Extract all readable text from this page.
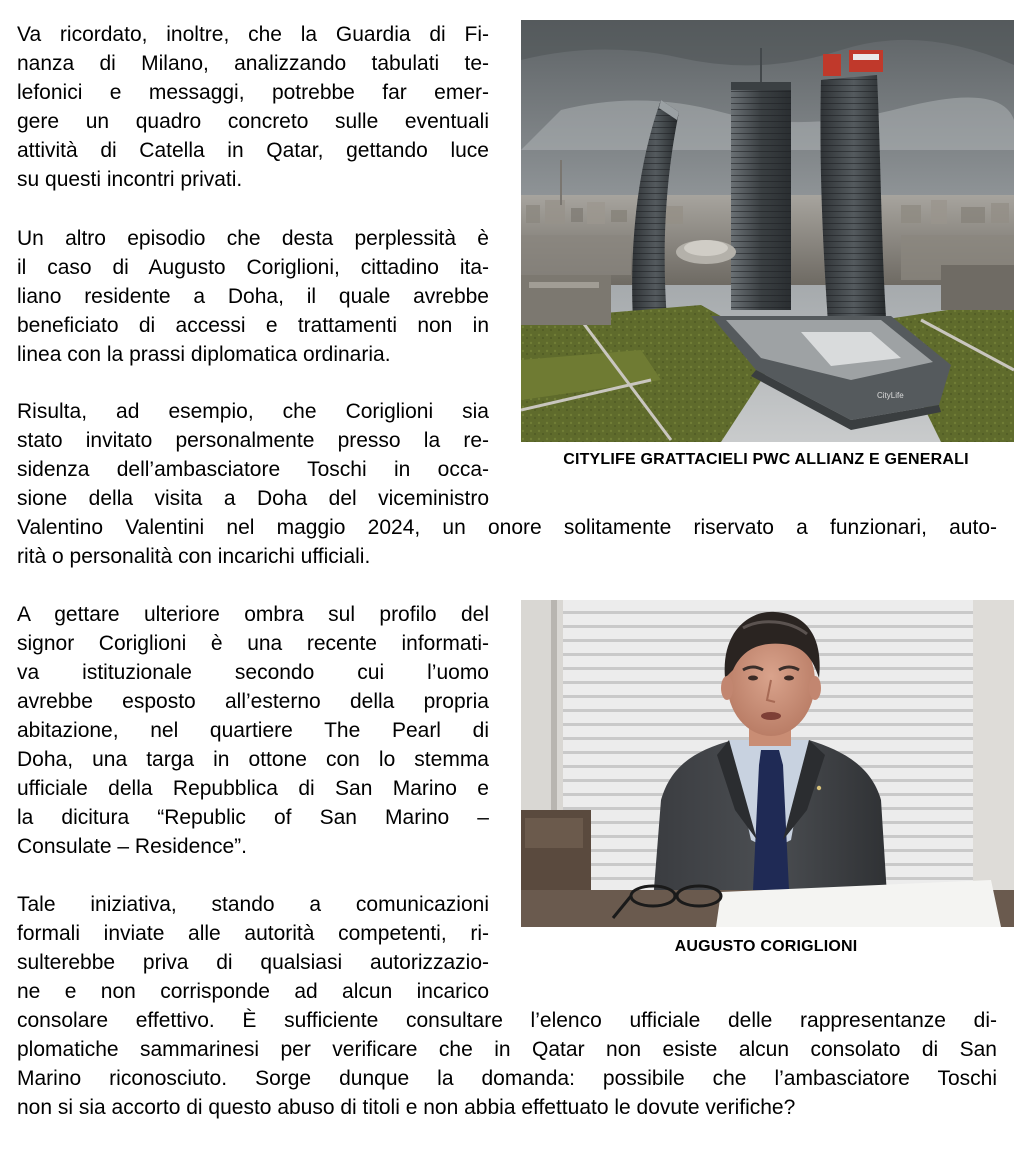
Va ricordato, inoltre, che la Guardia di Fi-
nanza di Milano, analizzando tabulati te-
lefonici e messaggi, potrebbe far emer-
gere un quadro concreto sulle eventuali
attività di Catella in Qatar, gettando luce
su questi incontri privati.
Un altro episodio che desta perplessità è
il caso di Augusto Coriglioni, cittadino ita-
liano residente a Doha, il quale avrebbe
beneficiato di accessi e trattamenti non in
linea con la prassi diplomatica ordinaria.
Risulta, ad esempio, che Coriglioni sia
stato invitato personalmente presso la re-
sidenza dell’ambasciatore Toschi in occa-
sione della visita a Doha del viceministro
Valentino Valentini nel maggio 2024, un onore solitamente riservato a funzionari, auto-
rità o personalità con incarichi ufficiali.
A gettare ulteriore ombra sul profilo del
signor Coriglioni è una recente informati-
va   istituzionale   secondo   cui   l’uomo
avrebbe esposto all’esterno della propria
abitazione, nel quartiere The Pearl di
Doha, una targa in ottone con lo stemma
ufficiale della Repubblica di San Marino e
la dicitura “Republic of San Marino –
Consulate – Residence”.
Tale iniziativa, stando a comunicazioni
formali inviate alle autorità competenti, ri-
sulterebbe priva di qualsiasi autorizzazio-
ne e non corrisponde ad alcun incarico
consolare effettivo. È sufficiente consultare l’elenco ufficiale delle rappresentanze di-
plomatiche sammarinesi per verificare che in Qatar non esiste alcun consolato di San
Marino riconosciuto. Sorge dunque la domanda: possibile che l’ambasciatore Toschi
non si sia accorto di questo abuso di titoli e non abbia effettuato le dovute verifiche?
CityLife
CITYLIFE GRATTACIELI PWC ALLIANZ E GENERALI
AUGUSTO CORIGLIONI
